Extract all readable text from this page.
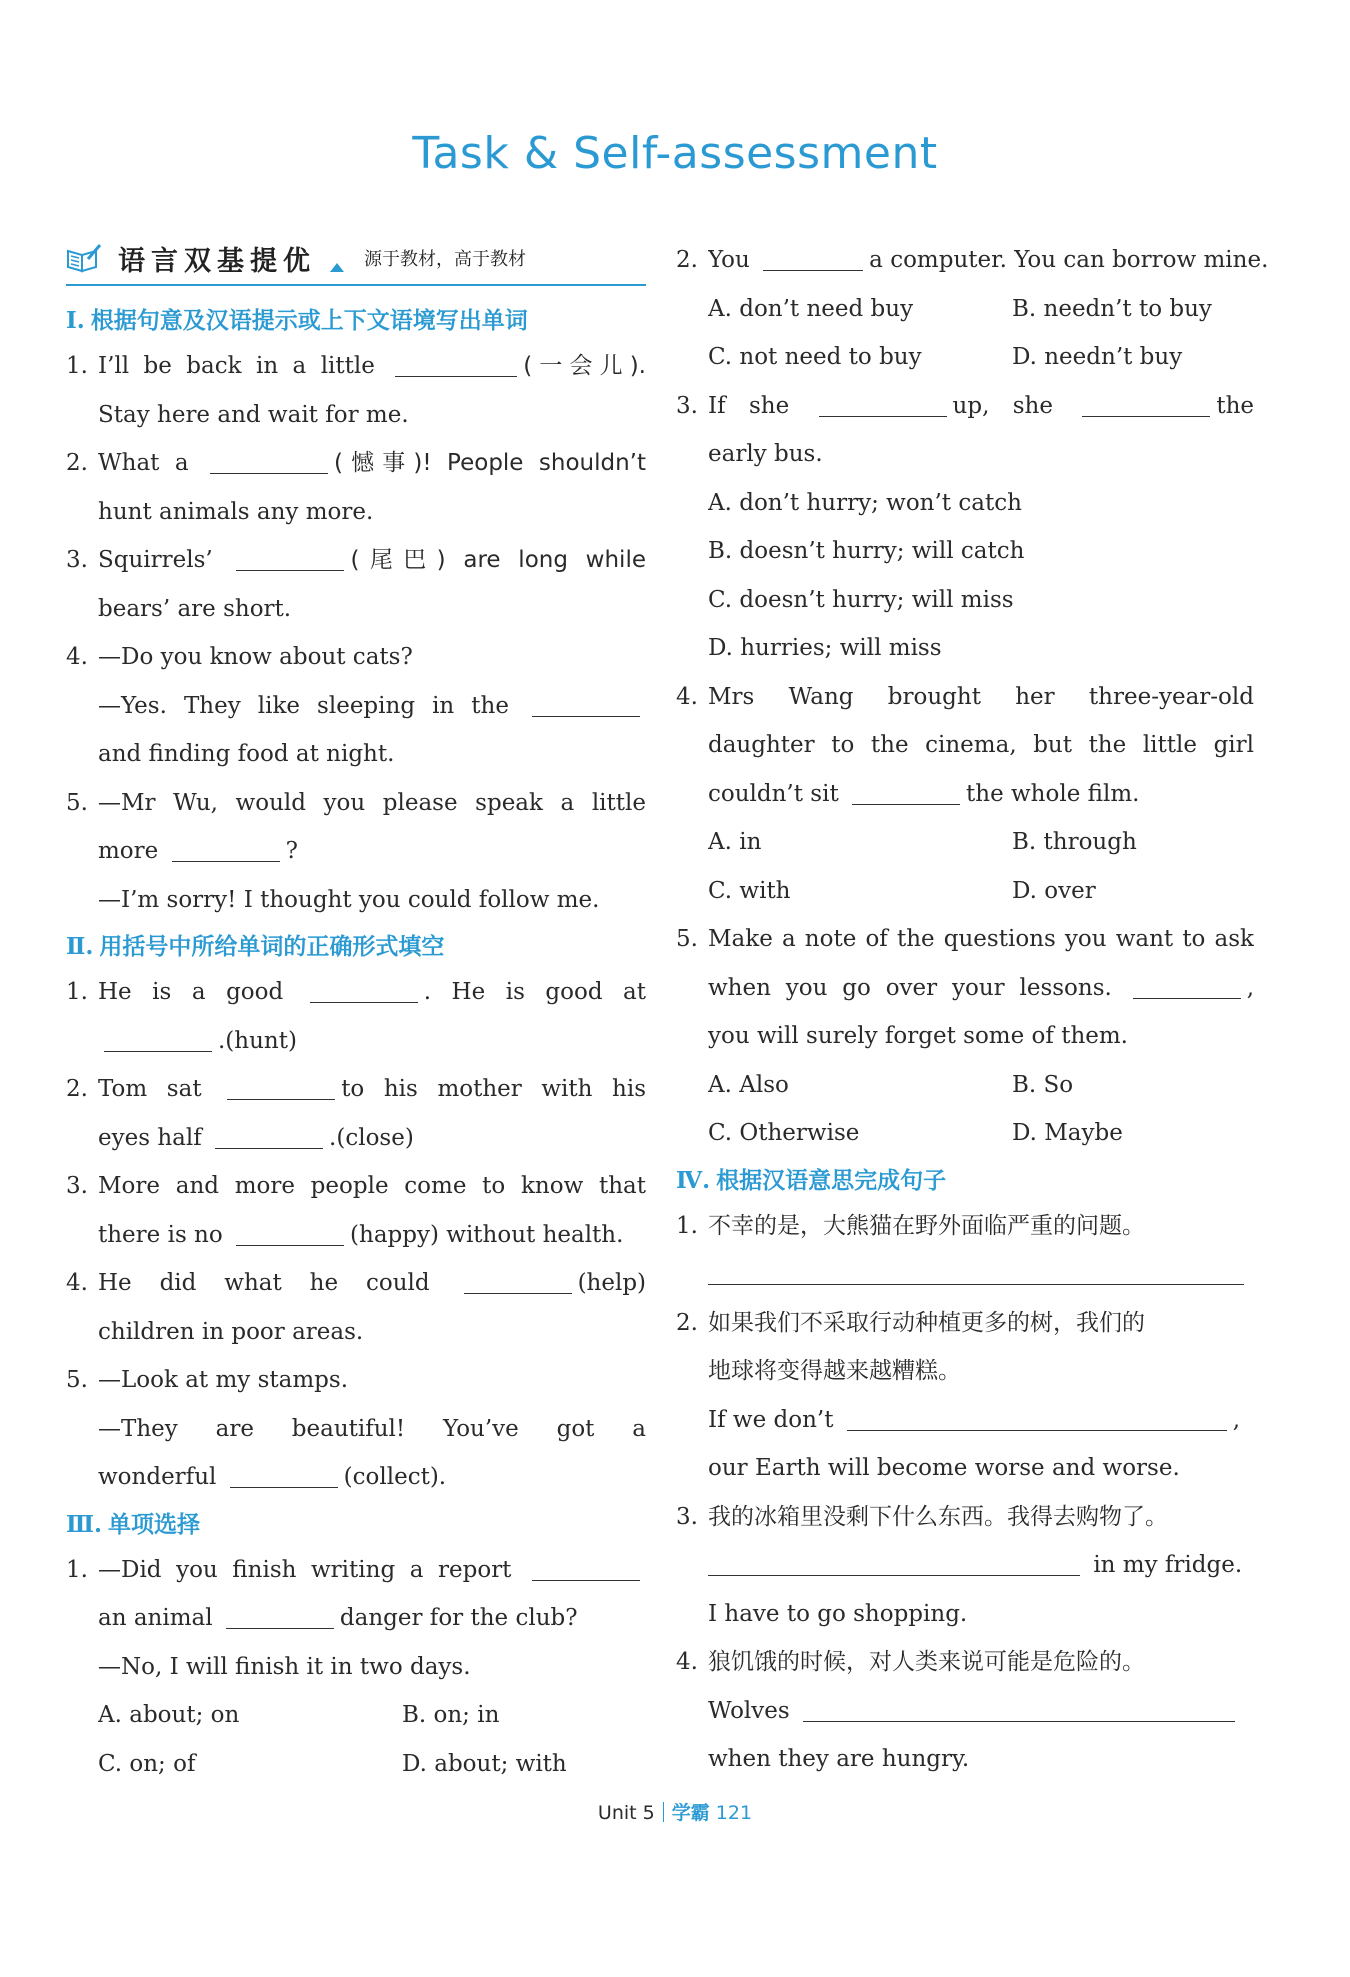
Task & Self-assessment
语言双基提优	源于教材，高于教材
Ⅰ. 根据句意及汉语提示或上下文语境写出单词
1. I’ll be back in a little	(一会儿).
Stay here and wait for me.
2. What a	(憾事)! People shouldn’t
hunt animals any more.
3. Squirrels’	(尾巴) are long while
bears’ are short.
4. —Do you know about cats?
—Yes. They like sleeping in the
and finding food at night.
5. —Mr Wu, would you please speak a little
more	?
—I’m sorry! I thought you could follow me.
Ⅱ. 用括号中所给单词的正确形式填空
1. He is a good	. He is good at
.(hunt)
2. Tom sat	to his mother with his
eyes half	.(close)
3. More and more people come to know that
there is no	(happy) without health.
4. He did what he could	(help)
children in poor areas.
5. —Look at my stamps.
—They are beautiful! You’ve got a
wonderful	(collect).
Ⅲ. 单项选择
1. —Did you finish writing a report
an animal	danger for the club?
—No, I will finish it in two days.
A. about; on	B. on; in
C. on; of	D. about; with
2. You	a computer. You can borrow mine.
A. don’t need buy	B. needn’t to buy
C. not need to buy	D. needn’t buy
3. If she	up, she	the
early bus.
A. don’t hurry; won’t catch
B. doesn’t hurry; will catch
C. doesn’t hurry; will miss
D. hurries; will miss
4. Mrs Wang brought her three-year-old
daughter to the cinema, but the little girl
couldn’t sit	the whole film.
A. in	B. through
C. with	D. over
5. Make a note of the questions you want to ask
when you go over your lessons.	,
you will surely forget some of them.
A. Also	B. So
C. Otherwise	D. Maybe
Ⅳ. 根据汉语意思完成句子
1. 不幸的是，大熊猫在野外面临严重的问题。
2. 如果我们不采取行动种植更多的树，我们的
地球将变得越来越糟糕。
If we don’t	,
our Earth will become worse and worse.
3. 我的冰箱里没剩下什么东西。我得去购物了。
in my fridge.
I have to go shopping.
4. 狼饥饿的时候，对人类来说可能是危险的。
Wolves
when they are hungry.
Unit 5 学霸 121
